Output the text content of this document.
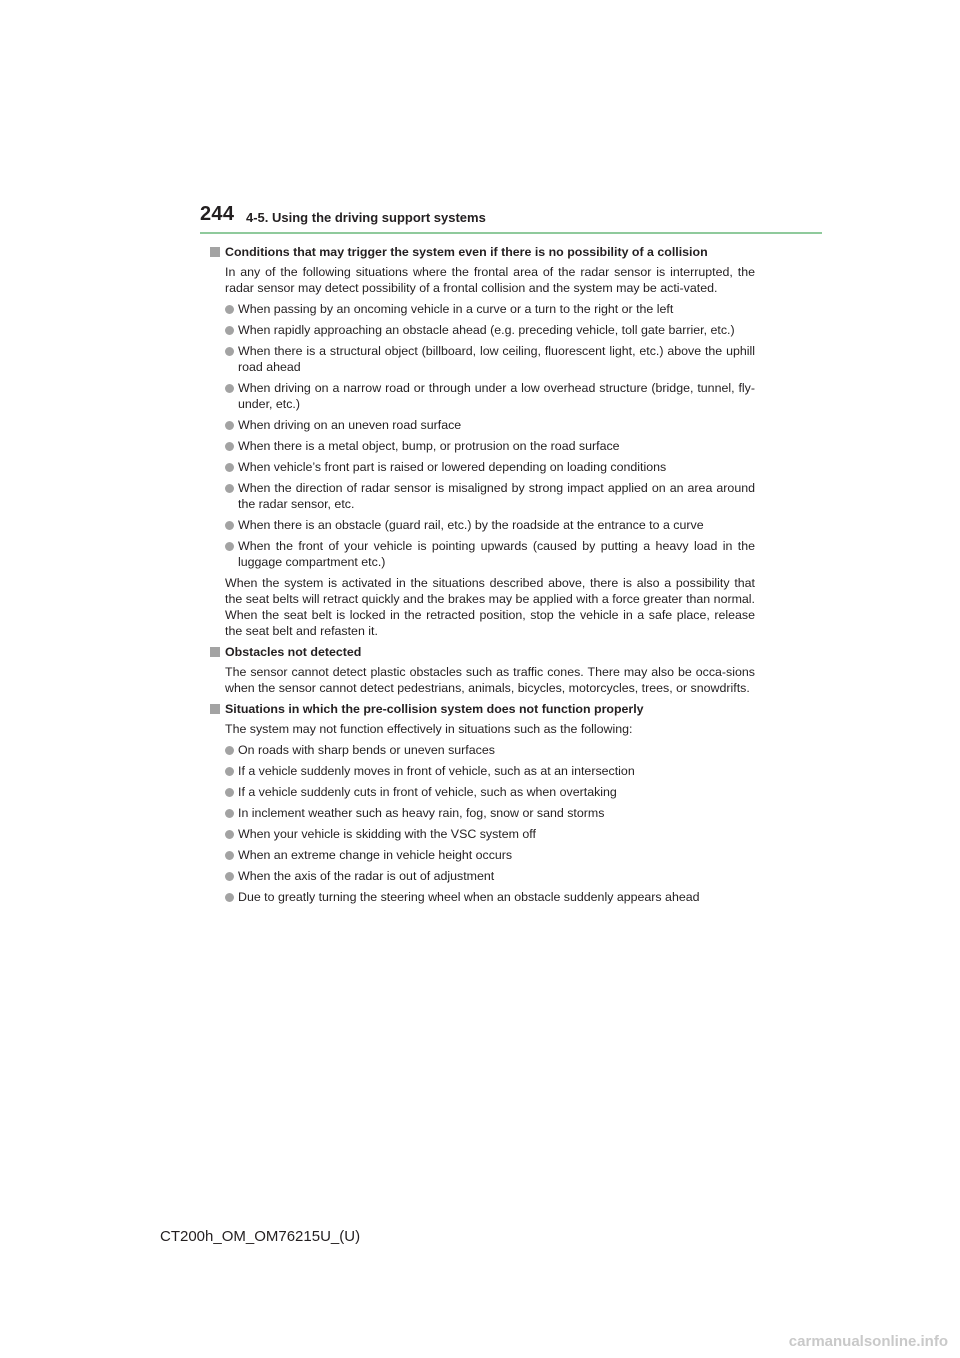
244 4-5. Using the driving support systems
Conditions that may trigger the system even if there is no possibility of a collision
In any of the following situations where the frontal area of the radar sensor is interrupted, the radar sensor may detect possibility of a frontal collision and the system may be acti-vated.
When passing by an oncoming vehicle in a curve or a turn to the right or the left
When rapidly approaching an obstacle ahead (e.g. preceding vehicle, toll gate barrier, etc.)
When there is a structural object (billboard, low ceiling, fluorescent light, etc.) above the uphill road ahead
When driving on a narrow road or through under a low overhead structure (bridge, tunnel, fly-under, etc.)
When driving on an uneven road surface
When there is a metal object, bump, or protrusion on the road surface
When vehicle’s front part is raised or lowered depending on loading conditions
When the direction of radar sensor is misaligned by strong impact applied on an area around the radar sensor, etc.
When there is an obstacle (guard rail, etc.) by the roadside at the entrance to a curve
When the front of your vehicle is pointing upwards (caused by putting a heavy load in the luggage compartment etc.)
When the system is activated in the situations described above, there is also a possibility that the seat belts will retract quickly and the brakes may be applied with a force greater than normal. When the seat belt is locked in the retracted position, stop the vehicle in a safe place, release the seat belt and refasten it.
Obstacles not detected
The sensor cannot detect plastic obstacles such as traffic cones. There may also be occa-sions when the sensor cannot detect pedestrians, animals, bicycles, motorcycles, trees, or snowdrifts.
Situations in which the pre-collision system does not function properly
The system may not function effectively in situations such as the following:
On roads with sharp bends or uneven surfaces
If a vehicle suddenly moves in front of vehicle, such as at an intersection
If a vehicle suddenly cuts in front of vehicle, such as when overtaking
In inclement weather such as heavy rain, fog, snow or sand storms
When your vehicle is skidding with the VSC system off
When an extreme change in vehicle height occurs
When the axis of the radar is out of adjustment
Due to greatly turning the steering wheel when an obstacle suddenly appears ahead
CT200h_OM_OM76215U_(U)
carmanualsonline.info
